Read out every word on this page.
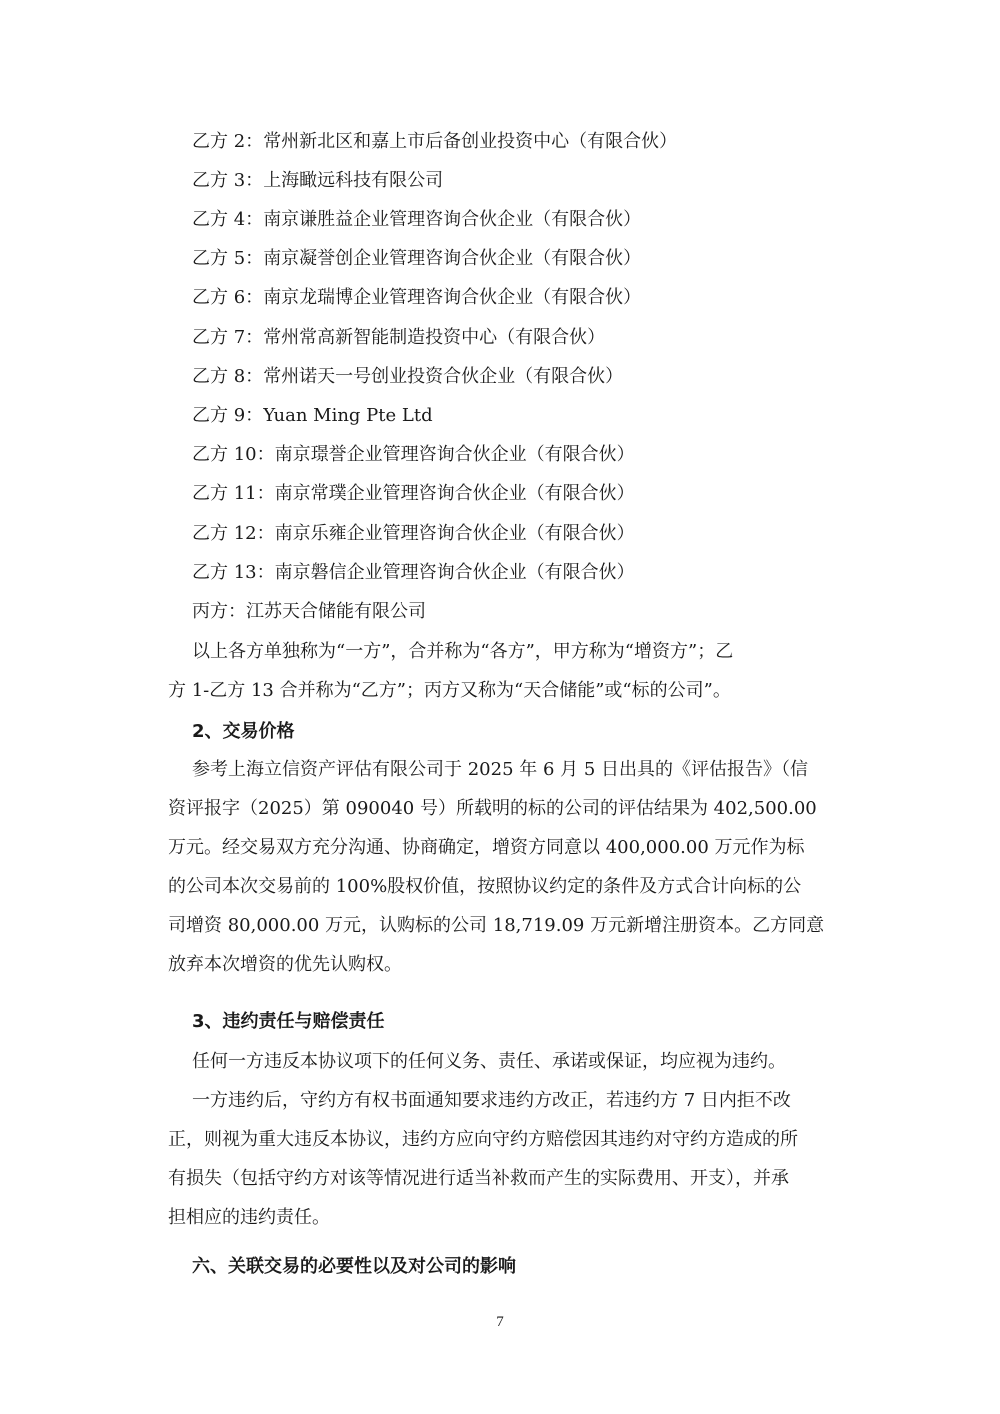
乙方 2：常州新北区和嘉上市后备创业投资中心（有限合伙）
乙方 3：上海瞰远科技有限公司
乙方 4：南京谦胜益企业管理咨询合伙企业（有限合伙）
乙方 5：南京凝誉创企业管理咨询合伙企业（有限合伙）
乙方 6：南京龙瑞博企业管理咨询合伙企业（有限合伙）
乙方 7：常州常高新智能制造投资中心（有限合伙）
乙方 8：常州诺天一号创业投资合伙企业（有限合伙）
乙方 9：Yuan Ming Pte Ltd
乙方 10：南京璟誉企业管理咨询合伙企业（有限合伙）
乙方 11：南京常璞企业管理咨询合伙企业（有限合伙）
乙方 12：南京乐雍企业管理咨询合伙企业（有限合伙）
乙方 13：南京磐信企业管理咨询合伙企业（有限合伙）
丙方：江苏天合储能有限公司
以上各方单独称为“一方”，合并称为“各方”，甲方称为“增资方”；乙
方 1-乙方 13 合并称为“乙方”；丙方又称为“天合储能”或“标的公司”。
2、交易价格
参考上海立信资产评估有限公司于 2025 年 6 月 5 日出具的《评估报告》（信
资评报字（2025）第 090040 号）所载明的标的公司的评估结果为 402,500.00
万元。经交易双方充分沟通、协商确定，增资方同意以 400,000.00 万元作为标
的公司本次交易前的 100%股权价值，按照协议约定的条件及方式合计向标的公
司增资 80,000.00 万元，认购标的公司 18,719.09 万元新增注册资本。乙方同意
放弃本次增资的优先认购权。
3、违约责任与赔偿责任
任何一方违反本协议项下的任何义务、责任、承诺或保证，均应视为违约。
一方违约后，守约方有权书面通知要求违约方改正，若违约方 7 日内拒不改
正，则视为重大违反本协议，违约方应向守约方赔偿因其违约对守约方造成的所
有损失（包括守约方对该等情况进行适当补救而产生的实际费用、开支），并承
担相应的违约责任。
六、关联交易的必要性以及对公司的影响
7
